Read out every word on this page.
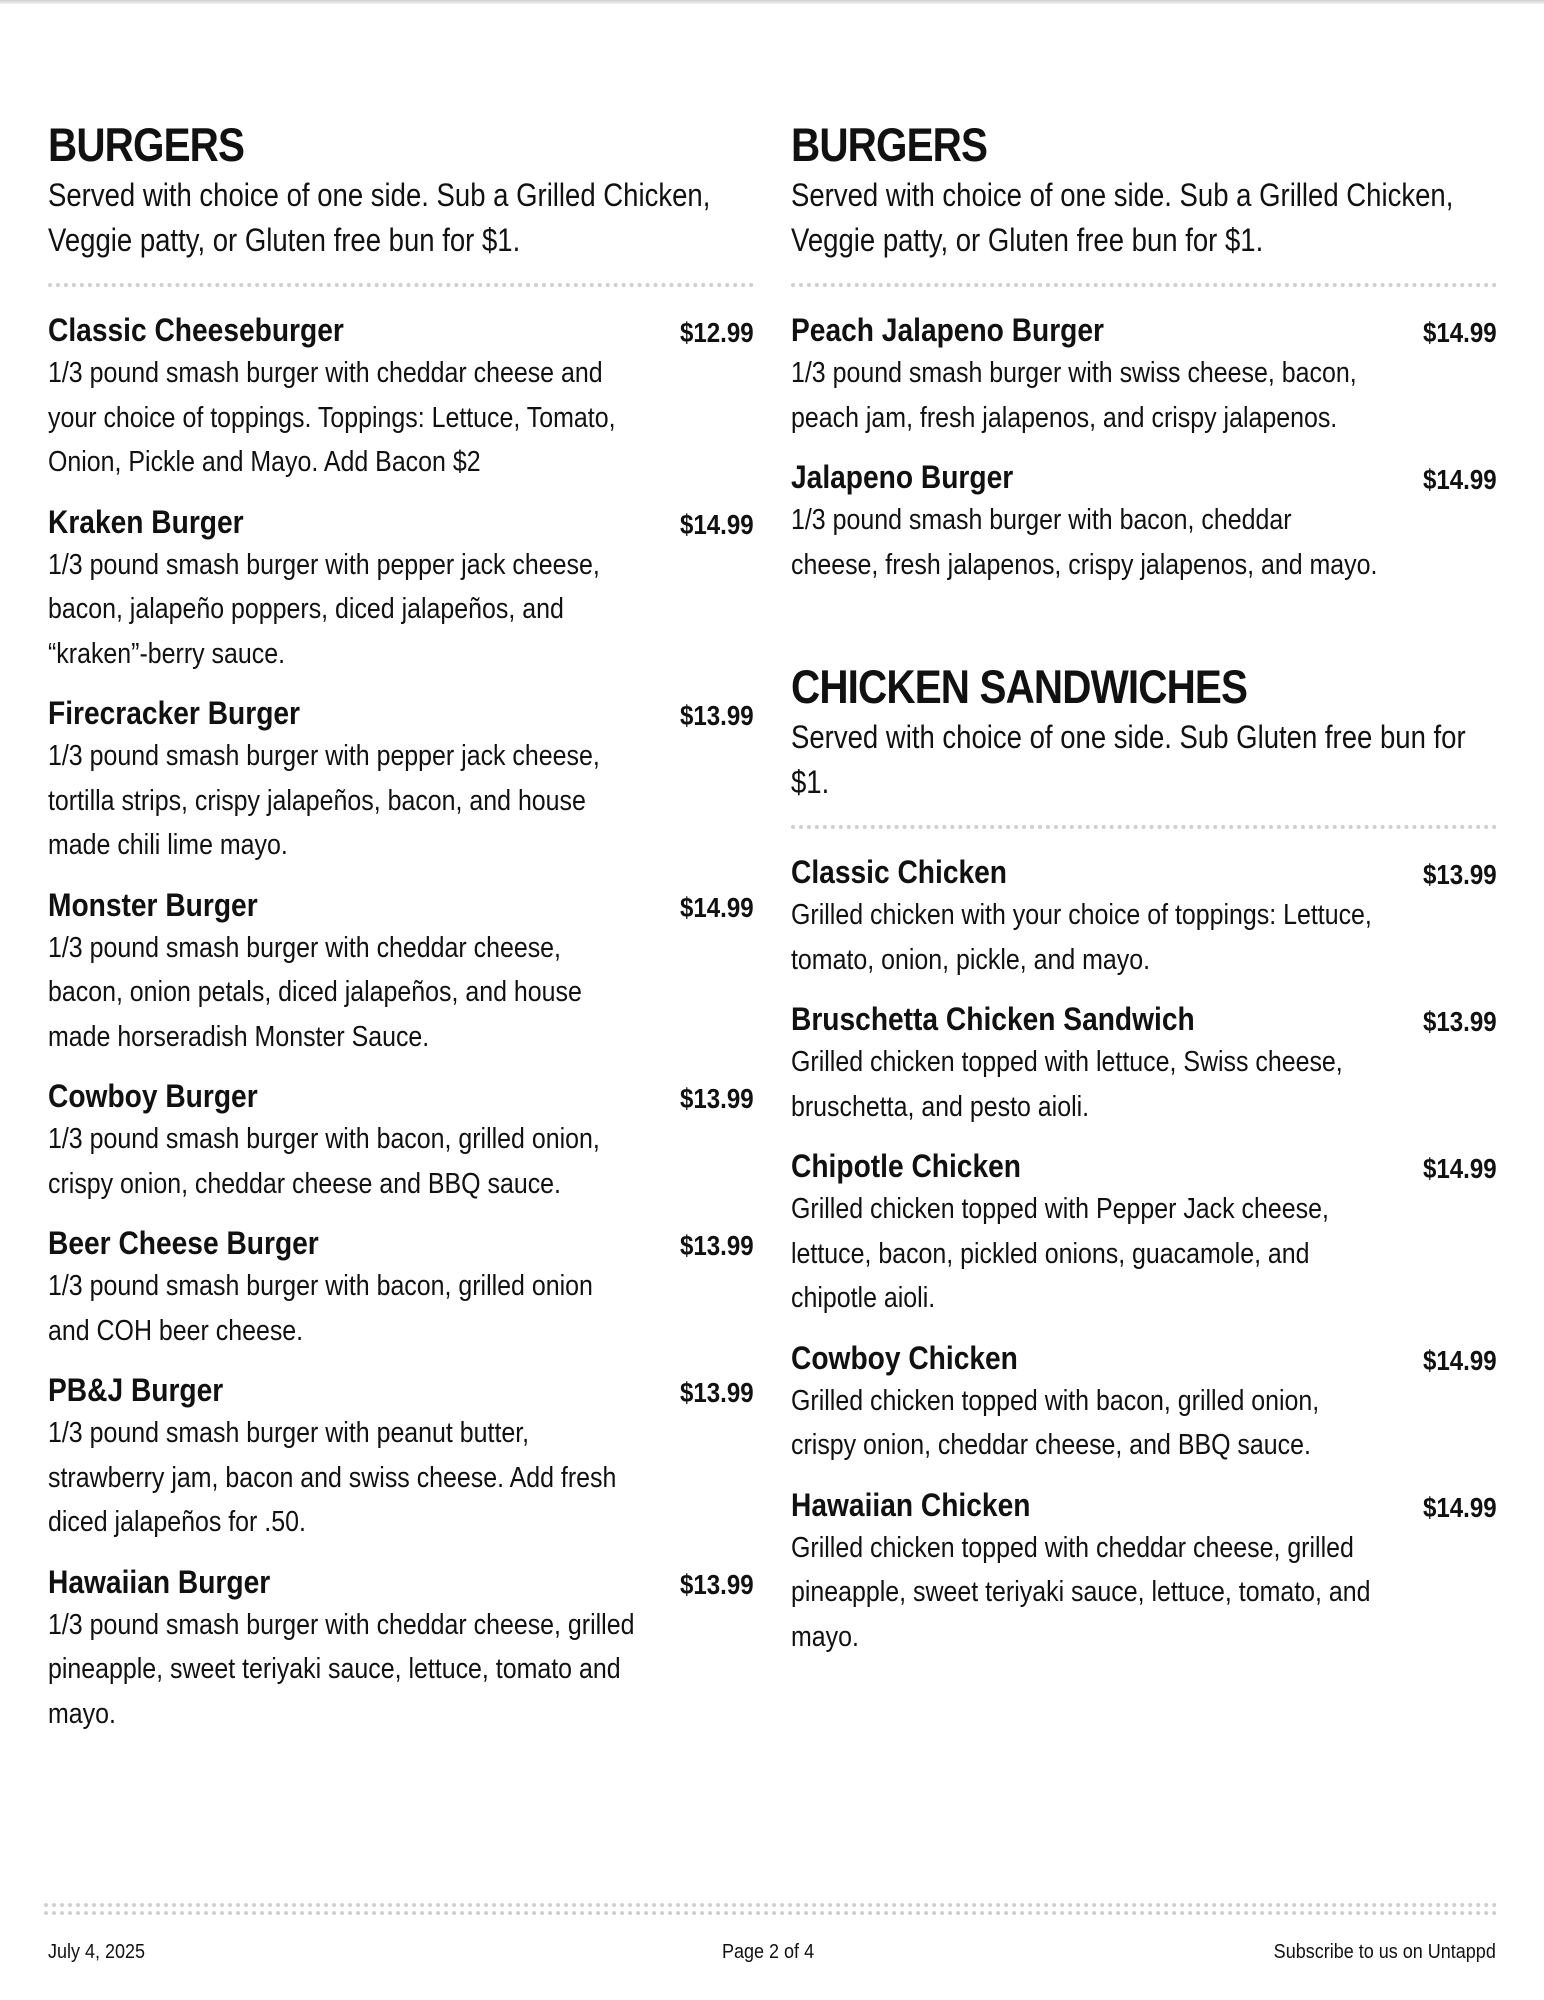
BURGERS

Served with choice of one side. Sub a Grilled Chicken, Veggie patty, or Gluten free bun for $1.

Classic Cheeseburger	$12.99
1/3 pound smash burger with cheddar cheese and your choice of toppings. Toppings: Lettuce, Tomato, Onion, Pickle and Mayo. Add Bacon $2
Kraken Burger	$14.99
1/3 pound smash burger with pepper jack cheese, bacon, jalapeño poppers, diced jalapeños, and “kraken”-berry sauce.
Firecracker Burger	$13.99
1/3 pound smash burger with pepper jack cheese, tortilla strips, crispy jalapeños, bacon, and house made chili lime mayo.
Monster Burger	$14.99
1/3 pound smash burger with cheddar cheese, bacon, onion petals, diced jalapeños, and house made horseradish Monster Sauce.
Cowboy Burger	$13.99
1/3 pound smash burger with bacon, grilled onion, crispy onion, cheddar cheese and BBQ sauce.
Beer Cheese Burger	$13.99
1/3 pound smash burger with bacon, grilled onion and COH beer cheese.
PB&J Burger	$13.99
1/3 pound smash burger with peanut butter, strawberry jam, bacon and swiss cheese. Add fresh diced jalapeños for .50.
Hawaiian Burger	$13.99
1/3 pound smash burger with cheddar cheese, grilled pineapple, sweet teriyaki sauce, lettuce, tomato and mayo.
BURGERS

Served with choice of one side. Sub a Grilled Chicken, Veggie patty, or Gluten free bun for $1.

Peach Jalapeno Burger	$14.99
1/3 pound smash burger with swiss cheese, bacon, peach jam, fresh jalapenos, and crispy jalapenos.
Jalapeno Burger	$14.99
1/3 pound smash burger with bacon, cheddar cheese, fresh jalapenos, crispy jalapenos, and mayo.
CHICKEN SANDWICHES

Served with choice of one side. Sub Gluten free bun for $1.

Classic Chicken	$13.99
Grilled chicken with your choice of toppings: Lettuce, tomato, onion, pickle, and mayo.
Bruschetta Chicken Sandwich	$13.99
Grilled chicken topped with lettuce, Swiss cheese, bruschetta, and pesto aioli.
Chipotle Chicken	$14.99
Grilled chicken topped with Pepper Jack cheese, lettuce, bacon, pickled onions, guacamole, and chipotle aioli.
Cowboy Chicken	$14.99
Grilled chicken topped with bacon, grilled onion, crispy onion, cheddar cheese, and BBQ sauce.
Hawaiian Chicken	$14.99
Grilled chicken topped with cheddar cheese, grilled pineapple, sweet teriyaki sauce, lettuce, tomato, and mayo.
July 4, 2025	Page 2 of 4	Subscribe to us on Untappd
